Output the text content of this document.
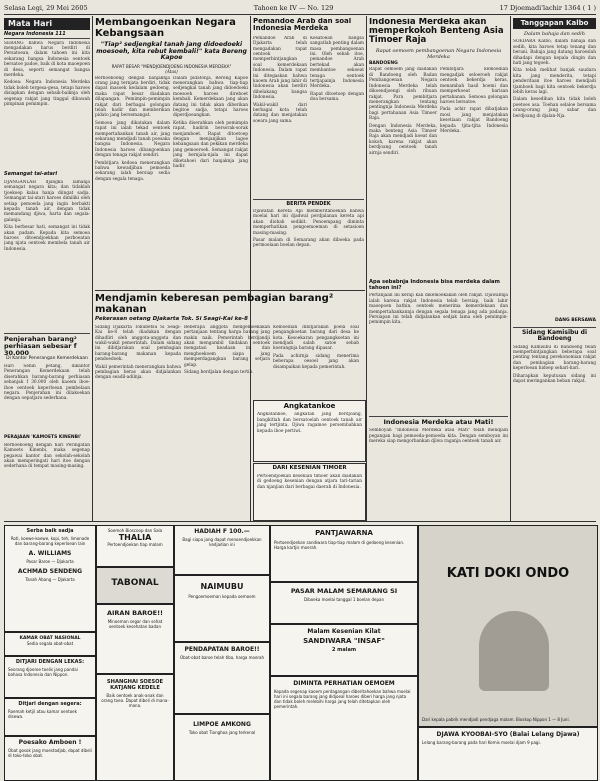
Selasa Legi, 29 Mei 2605	Tahoen ke IV — No. 129	17 Djoemadi'lachir 1364 ( 1 )
Mata Hari
Negara Indonesia 111

SERANG bahwa Negara Indonesia mengadakan harus berdiri di Persatoean, dalam tahoen ini kita sekarang bangsa Indonesia oentoek bersatoe padoe, baik di kota maoepoen di desa, seperti semangat bangsa merdeka.

Kedoea: Negara Indonesia Merdeka tidak boleh tergesa-gesa, tetapi haroes disiapkan dengan sebaik-baiknja oleh segenap rakjat jang tinggal dibawah pimpinan pemimpin.

Semangat tai-atari

DJANGANLAH djangka lamanja semangat negara kita; dan tidaklah tjoekoep kalau hanja diingat sadja. Semangat tai-atari haroes dimiliki oleh setiap pemoeda jang ingin berbakti kepada tanah air, dengan tidak memandang djiwa, harta dan segala-galanja.

Kita berbesar hati, semangat ini tidak akan padam. Kepada kita semoea haroes ditoendjoekkan perboeatan jang njata oentoek membela tanah air Indonesia.

Penjerahan barang² perhiasan sebesar f 30.000
Di Kantor Penerangan Kemerdekaan

Hari Senin petang, dikantor Penerangan Kemerdekaan telah diserahkan barang-barang perhiasan sebanjak f 30.000 oleh kaoem iboe-iboe oentoek keperloean pembelaan negara. Penjerahan ini dilakoekan dengan oepatjara sederhana.

PERAJAAN 'KAMOETS KINENBI'

Berhoeboeng dengan hari Peringatan Kamoets Kinenbi, maka segenap pegawai kantor dan sekolah-sekolah akan memperingati hari itoe dengan sederhana di tempat masing-masing.

Membangoenkan Negara Kebangsaan
"Tiap² sedjengkal tanah jang didoedoeki moesoeh, kita rebut kembali!" kata Bereng Kapoe
RAPAT BESAR "MENDJOENDJOENG INDONESIA MERDEKA"
(Atas)

Berhoeboeng dengan banjaknja orang jang ternjata berdiri, tidak dapat masoek kedalam gedoeng, maka rapat besar diadakan dilapangan. Pemimpin-pemimpin rakjat dari berbagai golongan telah hadir dan memberikan pidato jang bersemangat.

Semoea jang dikatakan dalam rapat ini ialah tekad oentoek mempertahankan tanah air, jang sekarang mendjadi tanah poesaka bangsa Indonesia. Negara Indonesia haroes dibangoenkan dengan tenaga rakjat sendiri.

Pembitjara kedoea menerangkan bahwa kewadjiban pemoeda sekarang ialah bersiap sedia dengan segala tenaga.

Dalam pidatonja, Bereng Kapoe menerangkan bahwa tiap-tiap sedjengkal tanah jang didoedoeki moesoeh haroes direboet kembali. Kemerdekaan jang akan datang ini tidak akan diberikan begitoe sadja, tetapi haroes diperdjoeangkan.

Ketika diserahkan oleh pemimpin rapat, hadirin bersorak-sorak menjamboet. Rapat ditoetoep dengan menjanjikan lagoe kebangsaan dan pekikan merdeka jang gemoeroeh. Semangat rakjat jang bernjala-njala ini dapat diketahoei dari banjaknja jang hadir.

Pemandoe Arab dan soal Indonesia Merdeka

Pemandoe Arab di Djakarta telah mengadakan rapat oentoek memperbintjangkan soal kemerdekaan Indonesia. Dalam rapat ini ditegaskan bahwa kaoem Arab jang lahir di Indonesia akan berdiri dibelakang bangsa Indonesia.

Wakil-wakil dari berbagai kota telah datang dan menjatakan soeara jang sama.

Kesatoean bangsa sangatlah penting dalam masa pembangoenan ini. Oleh sebab itoe, pemandoe Arab bertekad akan membantoe sekoeat tenaga oentoek tertjapainja Indonesia Merdeka.

Rapat ditoetoep dengan doa bersama.

BERITA PENDEK

Djawatan Kereta Api memberitahoekan bahwa moelai hari ini djadwal perdjalanan kereta api akan diobah sedikit. Penoempang diminta memperhatikan pengoemoeman di setasioen masing-masing.

Pasar malam di Semarang akan diboeka pada permoelaan boelan depan.

Indonesia Merdeka akan memperkokoh Benteng Asia Timoer Raja
Rapat oemoem pembangoenan Negara Indonesia Merdeka
BANDOENG

Rapat oemoem jang diadakan di Bandoeng oleh Badan Pembangoenan Negara Indonesia Merdeka telah dikoendjoengi oleh ribuan rakjat. Para pembitjara menerangkan tentang pentingnja Indonesia Merdeka bagi pertahanan Asia Timoer Raja.

Dengan Indonesia Merdeka, maka benteng Asia Timoer Raja akan mendjadi koeat dan kokoh, karena rakjat akan berdjoang oentoek tanah airnja sendiri.

Pembitjara kemoedian mengadjak seloeroeh rakjat oentoek bekerdja keras, menambah hasil boemi dan memperkoeat barisan pertahanan. Semoea golongan haroes bersatoe.

Pada achir rapat dibatjakan mosi jang menjatakan kesetiaan rakjat Bandoeng kepada tjita-tjita Indonesia Merdeka.

Apa sebabnja Indonesia bisa merdeka dalam tahoen ini?

Pertanjaan ini kerap kali dikemoekakan oleh rakjat. Djawabnja ialah karena rakjat Indonesia telah bersiap, baik lahir maoepoen bathin, oentoek menerima kemerdekaan dan mempertahankannja dengan segala tenaga jang ada padanja. Persiapan ini telah didjalankan sedjak lama oleh pemimpin-pemimpin kita.

Indonesia Merdeka atau Mati!

Semboyan "Indonesia Merdeka atau Mati" telah mendjadi pegangan bagi pemoeda-pemoeda kita. Dengan semboyan ini mereka siap mengorbankan djiwa raganja oentoek tanah air.

Tanggapan Kalbo
Dalam bahaja dan sedih

SOEDARA Kalbo, dalam bahaja dan sedih, kita haroes tetap tenang dan berani. Bahaja jang datang haroeslah dihadapi dengan kepala dingin dan hati jang tegoeh.

Kita telah melihat banjak saudara kita jang menderita, tetapi penderitaan itoe haroes mendjadi tjamboek bagi kita oentoek bekerdja lebih keras lagi.

Dalam kesedihan kita tidak boleh poetoes asa. Toehan selaloe bersama orang-orang jang sabar dan berdjoang di djalan-Nja.

DANG BERSAWA
Sidang Kamisibu di Bandoeng

Sidang Kamisibu di Bandoeng telah memperbintjangkan beberapa soal penting tentang perekonomian rakjat dan pembagian barang-barang keperloean hidoep sehari-hari.

Diharapkan keputusan sidang ini dapat meringankan beban rakjat.

Mendjamin keberesan pembagian barang² makanan
Pekerasan oetang Djakarta Tok. Si Seagi-Kai ke-8

Sidang Djakarta Tokubetsu Si Seagi-Kai ke-8 telah diadakan dengan dihadliri oleh anggota-anggota dan wakil-wakil pemerintah. Dalam sidang ini dibitjarakan soal pembagian barang-barang makanan kepada pendoedoek.

Wakil pemerintah menerangkan bahwa pembagian beras akan didjalankan dengan seadil-adilnja.

Beberapa anggota mengemoekakan pertanjaan tentang harga barang jang makin naik. Pemerintah berdjandji akan mengambil tindakan oentoek mengatasi keadaan ini dan menghoekoem siapa jang memperdagangkan barang setjara gelap.

Sidang berdjalan dengan tertib.

Kemoedian dibitjarakan poela soal pengangkoetan barang dari desa ke kota. Kesoekaran pengangkoetan ini mendjadi salah satoe sebab koerangnja barang dipasar.

Pada achirnja sidang menerima beberapa oesoel jang akan disampaikan kepada pemerintah.

Angkatankoe

Angkatankoe, angkatan jang berdjoang, bangkitlah dan bersatoelah oentoek tanah air jang tertjinta. Djiwa ragamoe persembahkan kepada iboe pertiwi.

DARI KESENIAN TIMOER

Pertoendjoekan kesenian timoer akan diadakan di gedoeng kesenian dengan atjara tari-tarian dan njanjian dari berbagai daerah di Indonesia.

Serba baik sadja
Roti, koewe-koewe, kopi, teh, limonade dan barang-barang keperloean lain
A. WILLIAMS
Pasar Baroe — Djakarta
ACHMAD SENDENG
Tanah Abang — Djakarta
KAMAR OBAT NASIONAL
Sedia segala obat-obat
DITJARI DENGAN LEKAS:
Seorang djoeroe toelis jang pandai bahasa Indonesia dan Nippon.
Ditjari dengan segera:
Roemah ketjil atau kamar oentoek disewa.
Poesako Amboen !
Obat gosok jang moestadjab, dapat dibeli di toko-toko obat.
Soemoh Bioscoop dan Sala
THALIA
Pertoendjoekan tiap malam
TABONAL
AIRAN BAROE!!
Minoeman segar dan sehat oentoek kesehatan badan
SHANGHAI SOESOE KATJANG KEDELE
Baik oentoek anak-anak dan orang toea. Dapat dibeli di mana-mana.
HADIAH F 100.—
Bagi siapa jang dapat menoendjoekkan kedjadian ini
NAIMUBU
Pengoemoeman kepada oemoem
PENDAPATAN BAROE!!
Obat-obat baroe telah tiba, harga moerah
LIMPOE AMKONG
Toko obat Tionghoa jang terkenal
PANTJAWARNA
Pertoendjoekan sandiwara tiap-tiap malam di gedoeng kesenian. Harga kartjis moerah.
PASAR MALAM SEMARANG SI
Diboeka moelai tanggal 1 boelan depan
Malam Kesenian Kilat
SANDIWARA "INSAF"
2 malam
DIMINTA PERHATIAN OEMOEM
Kepada segenap kaoem perdagangan diberitahoekan bahwa moelai hari ini segala barang jang didjoeal haroes diberi harga jang njata dan tidak boleh melebihi harga jang telah ditetapkan oleh pemerintah.
KATI DOKI ONDO
Dari kepala pabrik mendjadi pendjaga malam. Bioskop Nippon 1 — 8 Juni.
DJAWA KYOOBAI-SYO (Balai Lelang Djawa)
Lelang barang-barang pada hari Kemis moelai djam 9 pagi.
